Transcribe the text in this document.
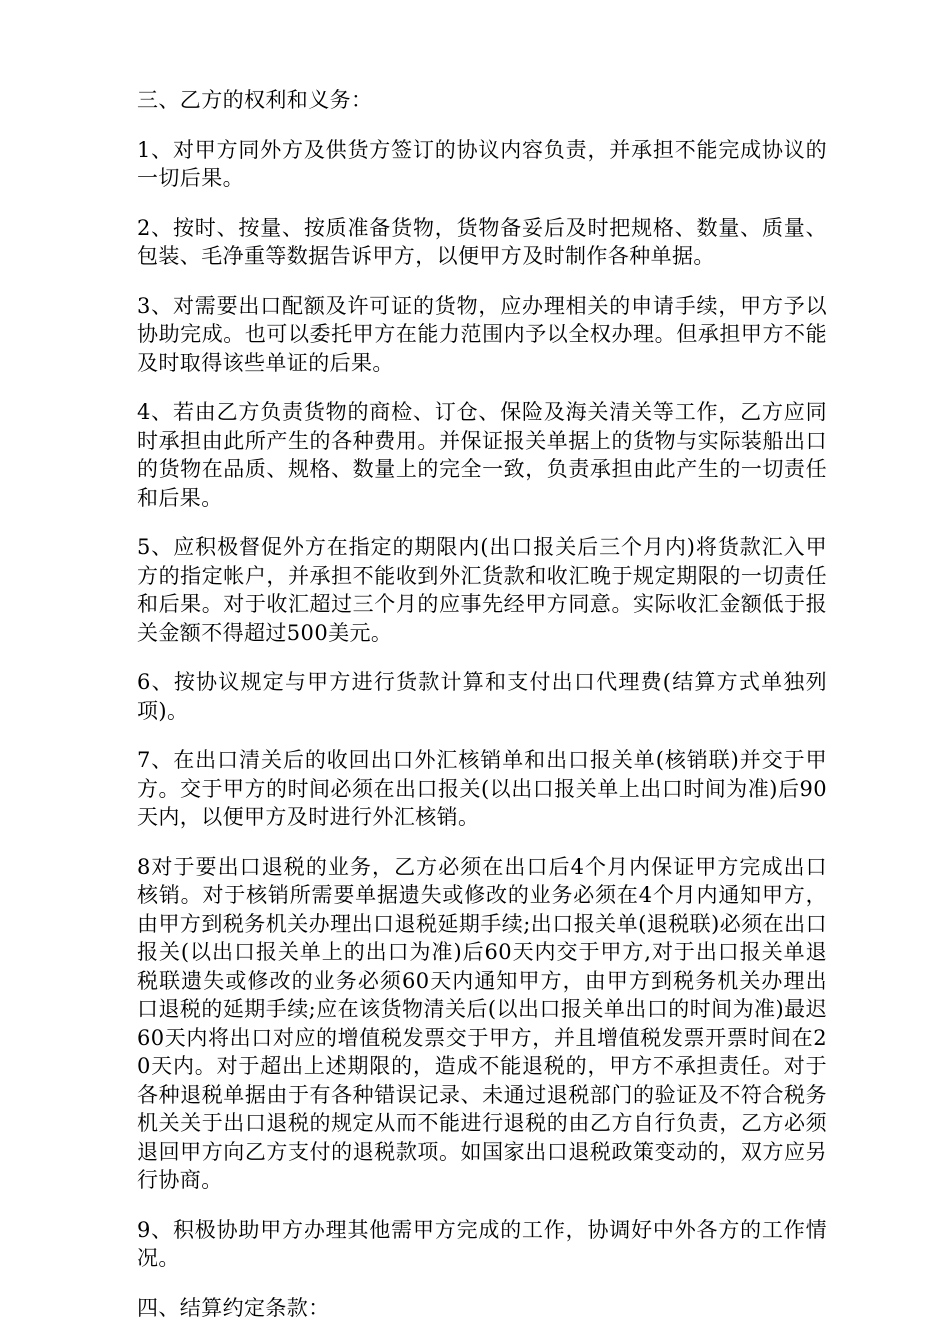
三、乙方的权利和义务：

1、对甲方同外方及供货方签订的协议内容负责，并承担不能完成协议的一切后果。

2、按时、按量、按质准备货物，货物备妥后及时把规格、数量、质量、包装、毛净重等数据告诉甲方，以便甲方及时制作各种单据。

3、对需要出口配额及许可证的货物，应办理相关的申请手续，甲方予以协助完成。也可以委托甲方在能力范围内予以全权办理。但承担甲方不能及时取得该些单证的后果。

4、若由乙方负责货物的商检、订仓、保险及海关清关等工作，乙方应同时承担由此所产生的各种费用。并保证报关单据上的货物与实际装船出口的货物在品质、规格、数量上的完全一致，负责承担由此产生的一切责任和后果。

5、应积极督促外方在指定的期限内(出口报关后三个月内)将货款汇入甲方的指定帐户，并承担不能收到外汇货款和收汇晚于规定期限的一切责任和后果。对于收汇超过三个月的应事先经甲方同意。实际收汇金额低于报关金额不得超过500美元。

6、按协议规定与甲方进行货款计算和支付出口代理费(结算方式单独列项)。

7、在出口清关后的收回出口外汇核销单和出口报关单(核销联)并交于甲方。交于甲方的时间必须在出口报关(以出口报关单上出口时间为准)后90天内，以便甲方及时进行外汇核销。

8对于要出口退税的业务，乙方必须在出口后4个月内保证甲方完成出口核销。对于核销所需要单据遗失或修改的业务必须在4个月内通知甲方，由甲方到税务机关办理出口退税延期手续;出口报关单(退税联)必须在出口报关(以出口报关单上的出口为准)后60天内交于甲方,对于出口报关单退税联遗失或修改的业务必须60天内通知甲方，由甲方到税务机关办理出口退税的延期手续;应在该货物清关后(以出口报关单出口的时间为准)最迟60天内将出口对应的增值税发票交于甲方，并且增值税发票开票时间在20天内。对于超出上述期限的，造成不能退税的，甲方不承担责任。对于各种退税单据由于有各种错误记录、未通过退税部门的验证及不符合税务机关关于出口退税的规定从而不能进行退税的由乙方自行负责，乙方必须退回甲方向乙方支付的退税款项。如国家出口退税政策变动的，双方应另行协商。

9、积极协助甲方办理其他需甲方完成的工作，协调好中外各方的工作情况。

四、结算约定条款：
